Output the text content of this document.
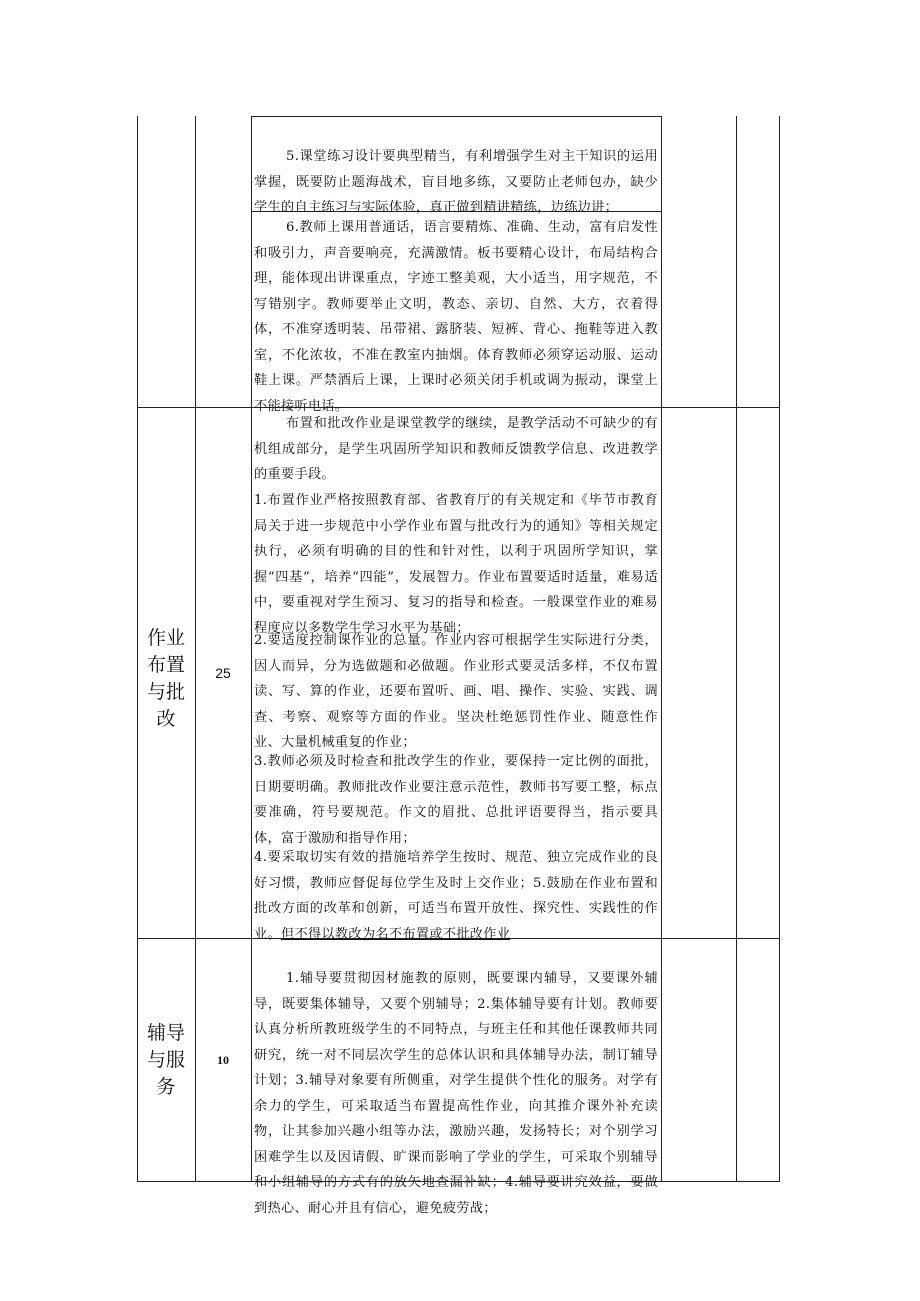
5.课堂练习设计要典型精当，有利增强学生对主干知识的运用掌握，既要防止题海战术，盲目地多练，又要防止老师包办，缺少学生的自主练习与实际体验，真正做到精讲精练，边练边讲；
6.教师上课用普通话，语言要精炼、准确、生动，富有启发性和吸引力，声音要响亮，充满激情。板书要精心设计，布局结构合理，能体现出讲课重点，字迹工整美观，大小适当，用字规范，不写错别字。教师要举止文明，教态、亲切、自然、大方，衣着得体，不准穿透明装、吊带裙、露脐装、短裤、背心、拖鞋等进入教室，不化浓妆，不准在教室内抽烟。体育教师必须穿运动服、运动鞋上课。严禁酒后上课，上课时必须关闭手机或调为振动，课堂上不能接听电话。
作业
布置
与批
改
25
布置和批改作业是课堂教学的继续，是教学活动不可缺少的有机组成部分，是学生巩固所学知识和教师反馈教学信息、改进教学的重要手段。
1.布置作业严格按照教育部、省教育厅的有关规定和《毕节市教育局关于进一步规范中小学作业布置与批改行为的通知》等相关规定执行，必须有明确的目的性和针对性，以利于巩固所学知识，掌握“四基”，培养“四能”，发展智力。作业布置要适时适量，难易适中，要重视对学生预习、复习的指导和检查。一般课堂作业的难易程度应以多数学生学习水平为基础；
2.要适度控制课作业的总量。作业内容可根据学生实际进行分类，因人而异，分为选做题和必做题。作业形式要灵活多样，不仅布置读、写、算的作业，还要布置听、画、唱、操作、实验、实践、调查、考察、观察等方面的作业。坚决杜绝惩罚性作业、随意性作业、大量机械重复的作业；
3.教师必须及时检查和批改学生的作业，要保持一定比例的面批，日期要明确。教师批改作业要注意示范性，教师书写要工整，标点要准确，符号要规范。作文的眉批、总批评语要得当，指示要具体，富于激励和指导作用；
4.要采取切实有效的措施培养学生按时、规范、独立完成作业的良好习惯，教师应督促每位学生及时上交作业；5.鼓励在作业布置和批改方面的改革和创新，可适当布置开放性、探究性、实践性的作业。但不得以教改为名不布置或不批改作业
辅导
与服
务
10
1.辅导要贯彻因材施教的原则，既要课内辅导，又要课外辅导，既要集体辅导，又要个别辅导；2.集体辅导要有计划。教师要认真分析所教班级学生的不同特点，与班主任和其他任课教师共同研究，统一对不同层次学生的总体认识和具体辅导办法，制订辅导计划；3.辅导对象要有所侧重，对学生提供个性化的服务。对学有余力的学生，可采取适当布置提高性作业，向其推介课外补充读物，让其参加兴趣小组等办法，激励兴趣，发扬特长；对个别学习困难学生以及因请假、旷课而影响了学业的学生，可采取个别辅导和小组辅导的方式有的放矢地查漏补缺；4.辅导要讲究效益，要做到热心、耐心并且有信心，避免疲劳战；
